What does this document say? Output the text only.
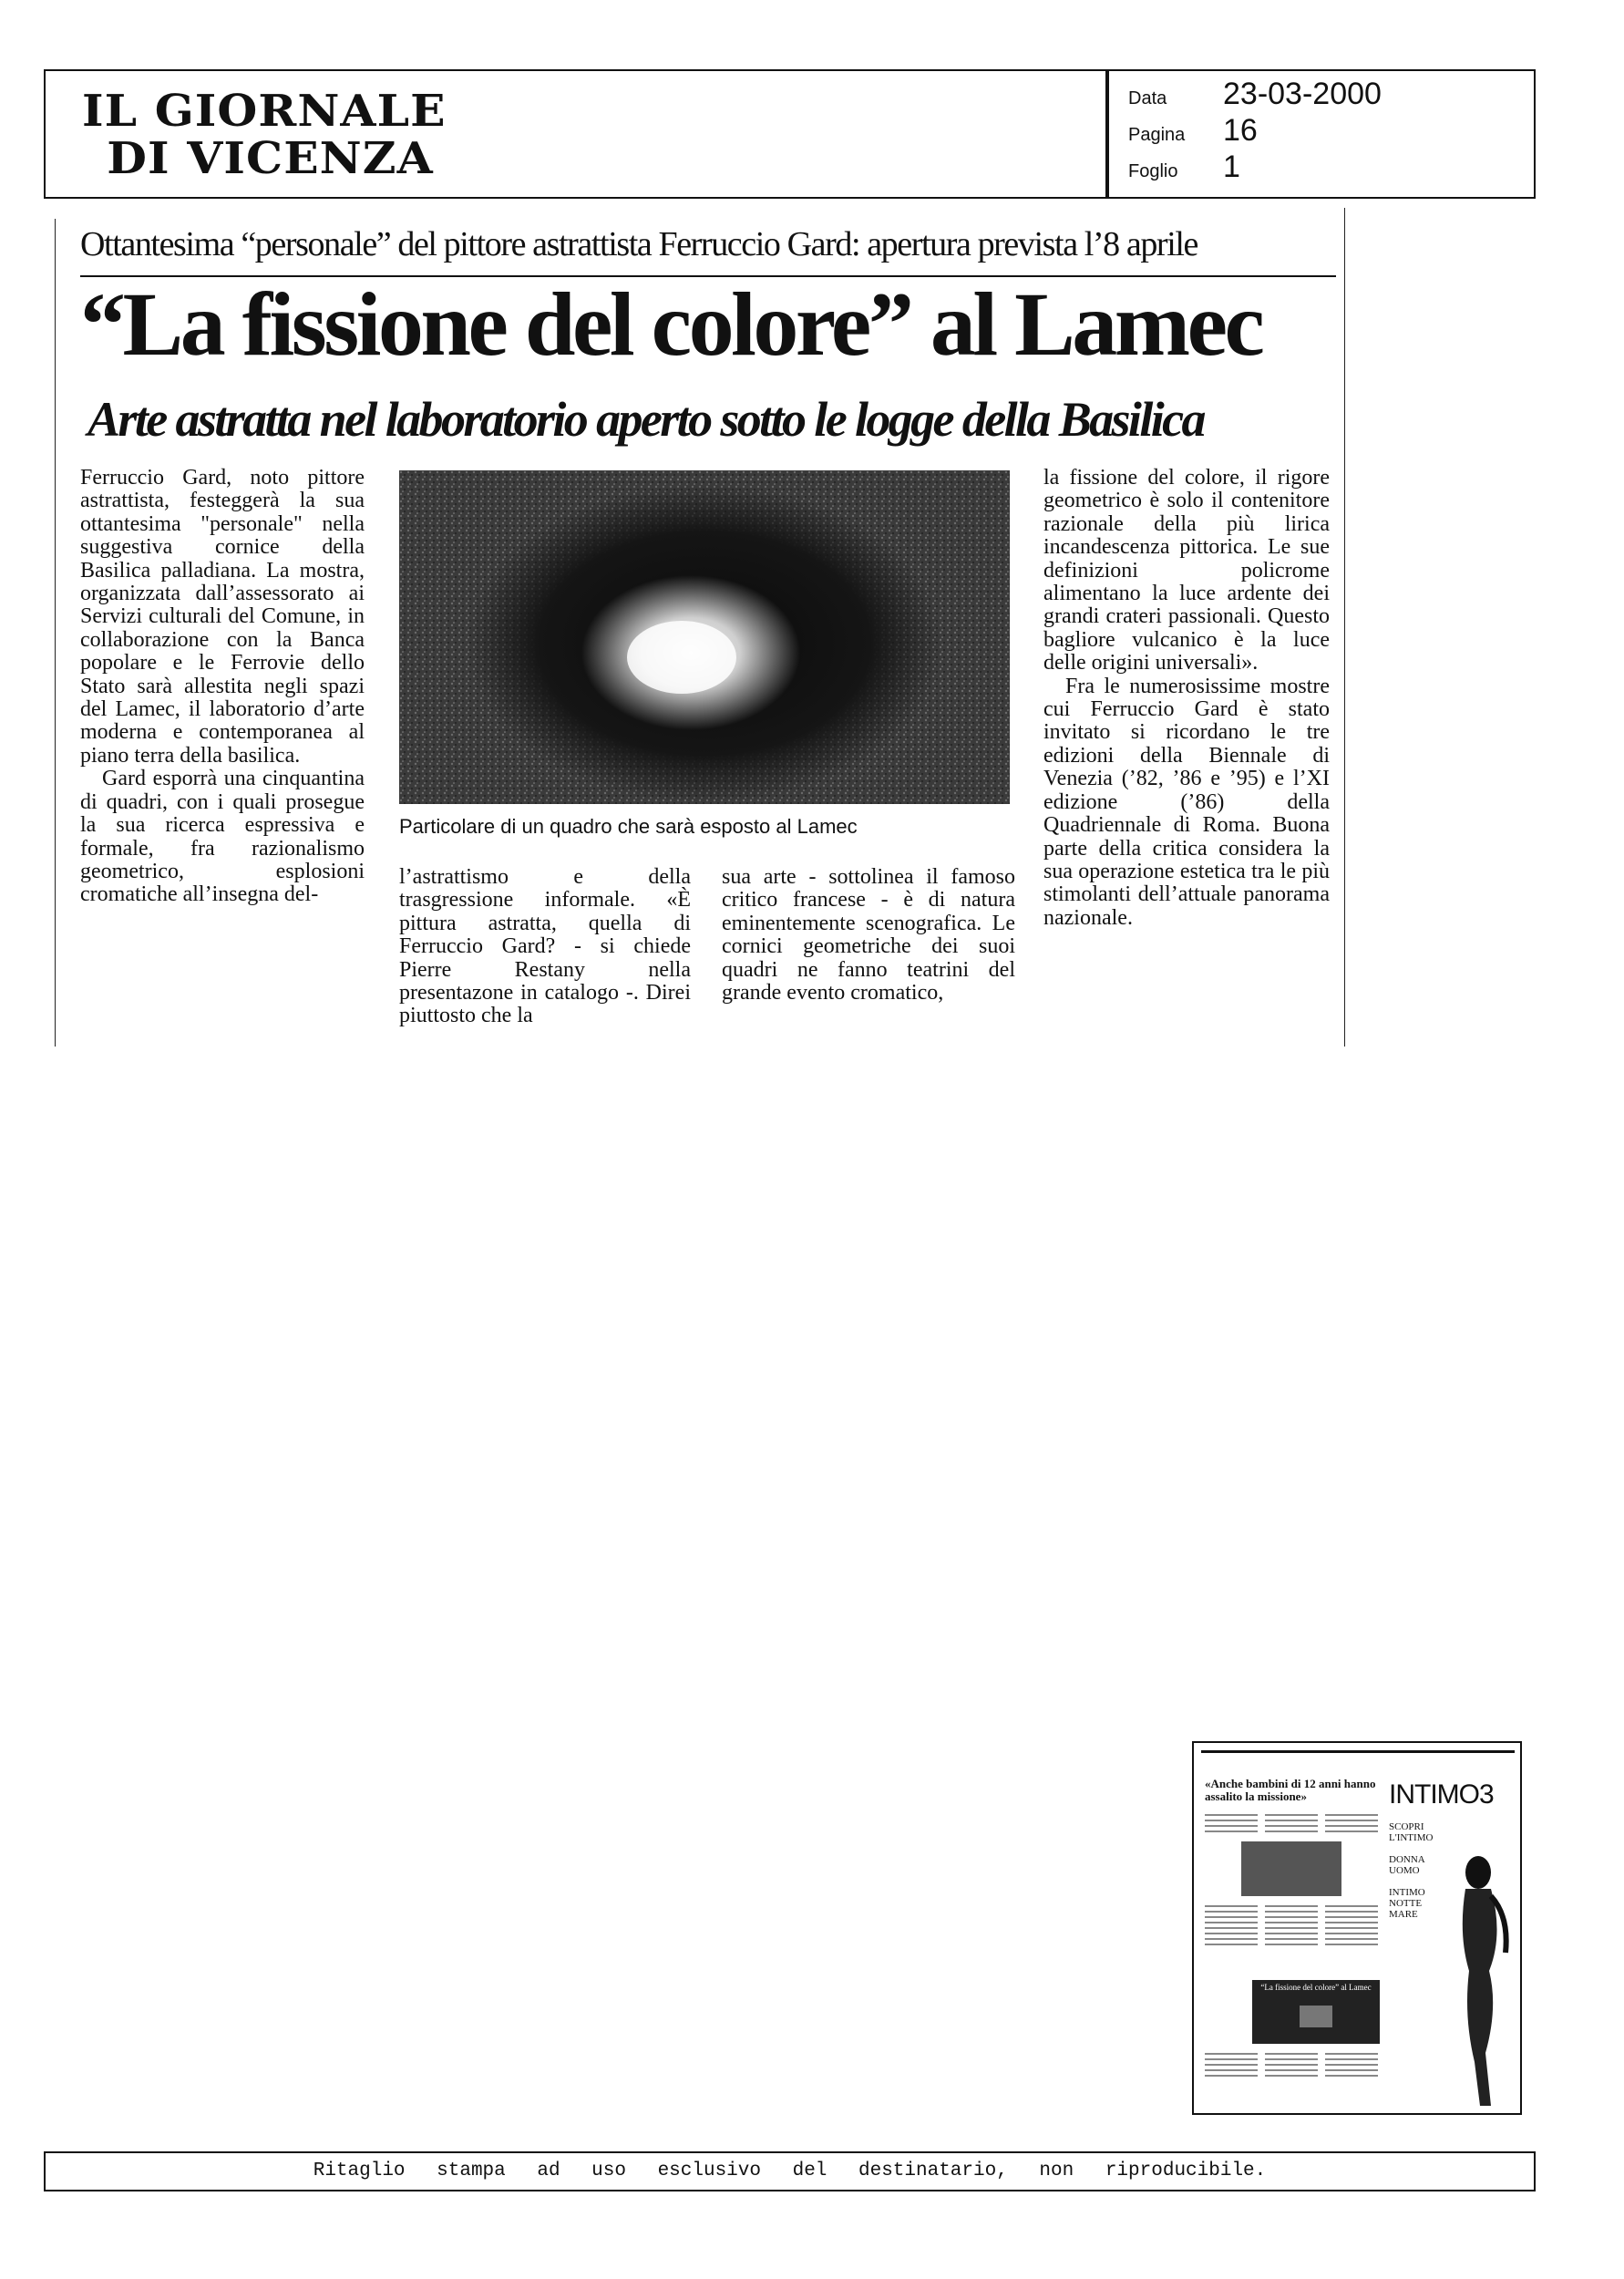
IL GIORNALE
DI VICENZA
Data 23-03-2000
Pagina 16
Foglio 1
Ottantesima “personale” del pittore astrattista Ferruccio Gard: apertura prevista l’8 aprile
“La fissione del colore” al Lamec
Arte astratta nel laboratorio aperto sotto le logge della Basilica

Ferruccio Gard, noto pittore astrattista, festeggerà la sua ottantesima "personale" nella suggestiva cornice della Basilica palladiana. La mostra, organizzata dall’assessorato ai Servizi culturali del Comune, in collaborazione con la Banca popolare e le Ferrovie dello Stato sarà allestita negli spazi del Lamec, il laboratorio d’arte moderna e contemporanea al piano terra della basilica.

Gard esporrà una cinquantina di quadri, con i quali prosegue la sua ricerca espressiva e formale, fra razionalismo geometrico, esplosioni cromatiche all’insegna del-

Particolare di un quadro che sarà esposto al Lamec

l’astrattismo e della trasgressione informale. «È pittura astratta, quella di Ferruccio Gard? - si chiede Pierre Restany nella presentazone in catalogo -. Direi piuttosto che la

sua arte - sottolinea il famoso critico francese - è di natura eminentemente scenografica. Le cornici geometriche dei suoi quadri ne fanno teatrini del grande evento cromatico,

la fissione del colore, il rigore geometrico è solo il contenitore razionale della più lirica incandescenza pittorica. Le sue definizioni policrome alimentano la luce ardente dei grandi crateri passionali. Questo bagliore vulcanico è la luce delle origini universali».

Fra le numerosissime mostre cui Ferruccio Gard è stato invitato si ricordano le tre edizioni della Biennale di Venezia (’82, ’86 e ’95) e l’XI edizione (’86) della Quadriennale di Roma. Buona parte della critica considera la sua operazione estetica tra le più stimolanti dell’attuale panorama nazionale.

«Anche bambini di 12 anni hanno assalito la missione»
“La fissione del colore” al Lamec
INTIMO3
SCOPRI L'INTIMO
DONNA UOMO
INTIMO NOTTE MARE
Ritaglio stampa ad uso esclusivo del destinatario, non riproducibile.
